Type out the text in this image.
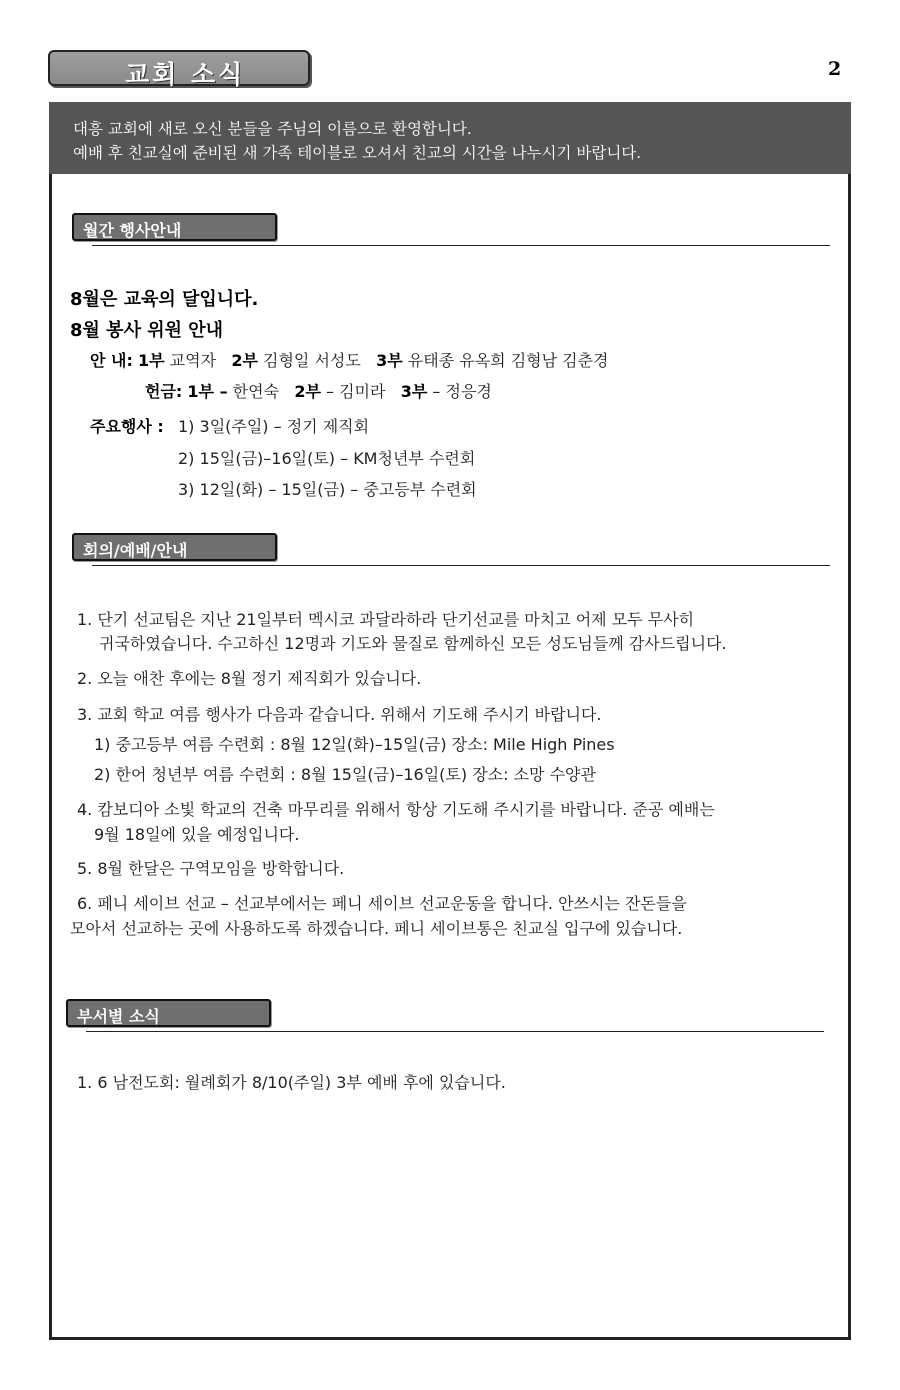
교회 소식	2
대흥 교회에 새로 오신 분들을 주님의 이름으로 환영합니다.
예배 후 친교실에 준비된 새 가족 테이블로 오셔서 친교의 시간을 나누시기 바랍니다.
월간 행사안내
8월은 교육의 달입니다.
8월 봉사 위원 안내
안 내: 1부 교역자 2부 김형일 서성도 3부 유태종 유옥희 김형남 김춘경
헌금: 1부 – 한연숙 2부 – 김미라 3부 – 정응경
주요행사 : 1) 3일(주일) – 정기 제직회
2) 15일(금)–16일(토) – KM청년부 수련회
3) 12일(화) – 15일(금) – 중고등부 수련회
회의/예배/안내
1. 단기 선교팀은 지난 21일부터 멕시코 과달라하라 단기선교를 마치고 어제 모두 무사히
귀국하였습니다. 수고하신 12명과 기도와 물질로 함께하신 모든 성도님들께 감사드립니다.
2. 오늘 애찬 후에는 8월 정기 제직회가 있습니다.
3. 교회 학교 여름 행사가 다음과 같습니다. 위해서 기도해 주시기 바랍니다.
1) 중고등부 여름 수련회 : 8월 12일(화)–15일(금) 장소: Mile High Pines
2) 한어 청년부 여름 수련회 : 8월 15일(금)–16일(토) 장소: 소망 수양관
4. 캄보디아 소빛 학교의 건축 마무리를 위해서 항상 기도해 주시기를 바랍니다. 준공 예배는
9월 18일에 있을 예정입니다.
5. 8월 한달은 구역모임을 방학합니다.
6. 페니 세이브 선교 – 선교부에서는 페니 세이브 선교운동을 합니다. 안쓰시는 잔돈들을
모아서 선교하는 곳에 사용하도록 하겠습니다. 페니 세이브통은 친교실 입구에 있습니다.
부서별 소식
1. 6 남전도회: 월례회가 8/10(주일) 3부 예배 후에 있습니다.
